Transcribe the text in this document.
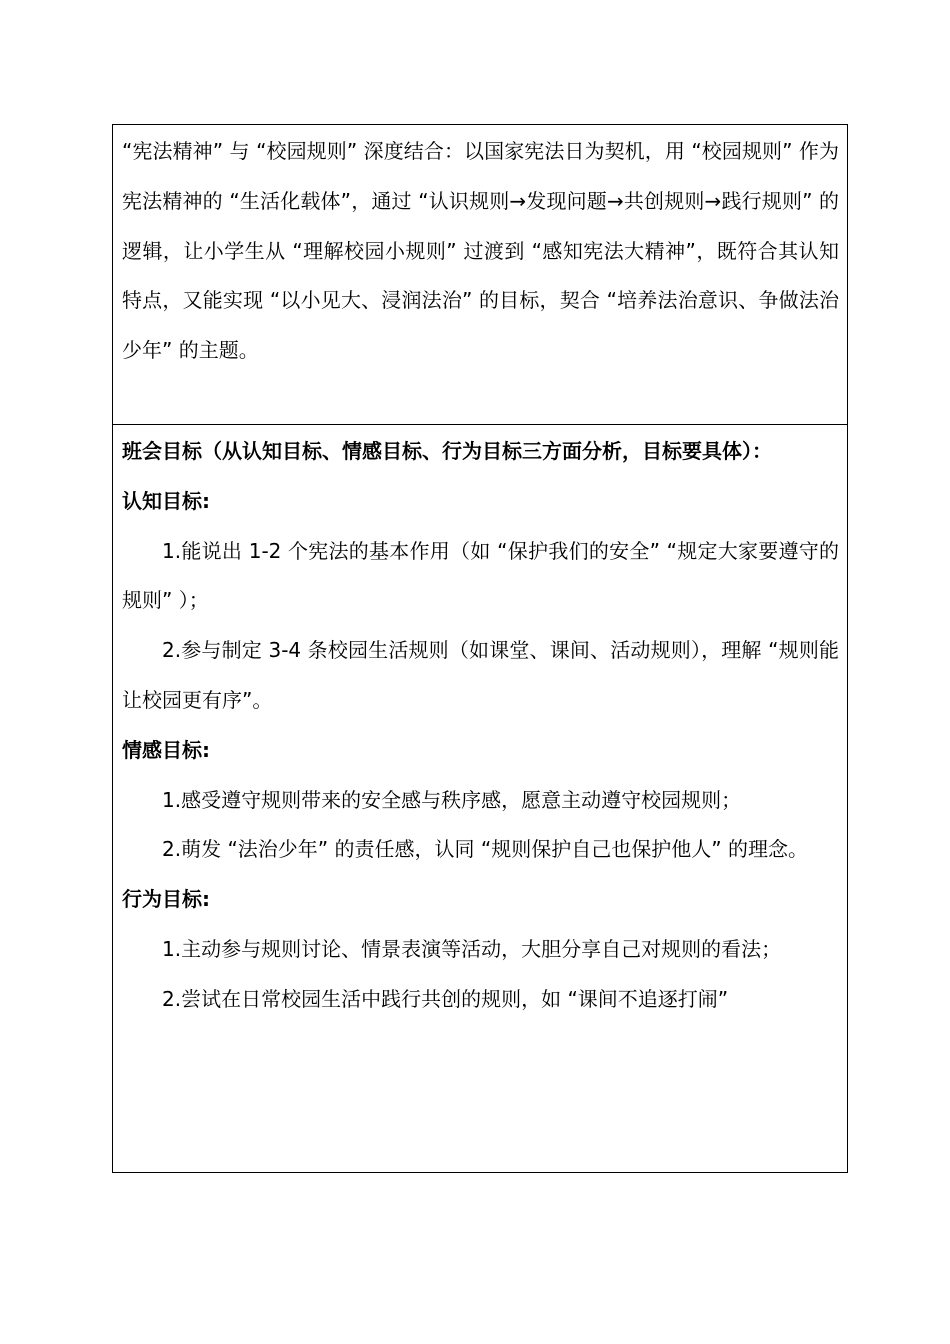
“宪法精神” 与 “校园规则” 深度结合：以国家宪法日为契机，用 “校园规则” 作为宪法精神的 “生活化载体”，通过 “认识规则→发现问题→共创规则→践行规则” 的逻辑，让小学生从 “理解校园小规则” 过渡到 “感知宪法大精神”，既符合其认知特点，又能实现 “以小见大、浸润法治” 的目标，契合 “培养法治意识、争做法治少年” 的主题。

班会目标（从认知目标、情感目标、行为目标三方面分析，目标要具体）：

认知目标:

1.能说出 1-2 个宪法的基本作用（如 “保护我们的安全” “规定大家要遵守的规则” ）；

2.参与制定 3-4 条校园生活规则（如课堂、课间、活动规则），理解 “规则能让校园更有序”。

情感目标:

1.感受遵守规则带来的安全感与秩序感，愿意主动遵守校园规则；

2.萌发 “法治少年” 的责任感，认同 “规则保护自己也保护他人” 的理念。

行为目标:

1.主动参与规则讨论、情景表演等活动，大胆分享自己对规则的看法；

2.尝试在日常校园生活中践行共创的规则，如 “课间不追逐打闹”
